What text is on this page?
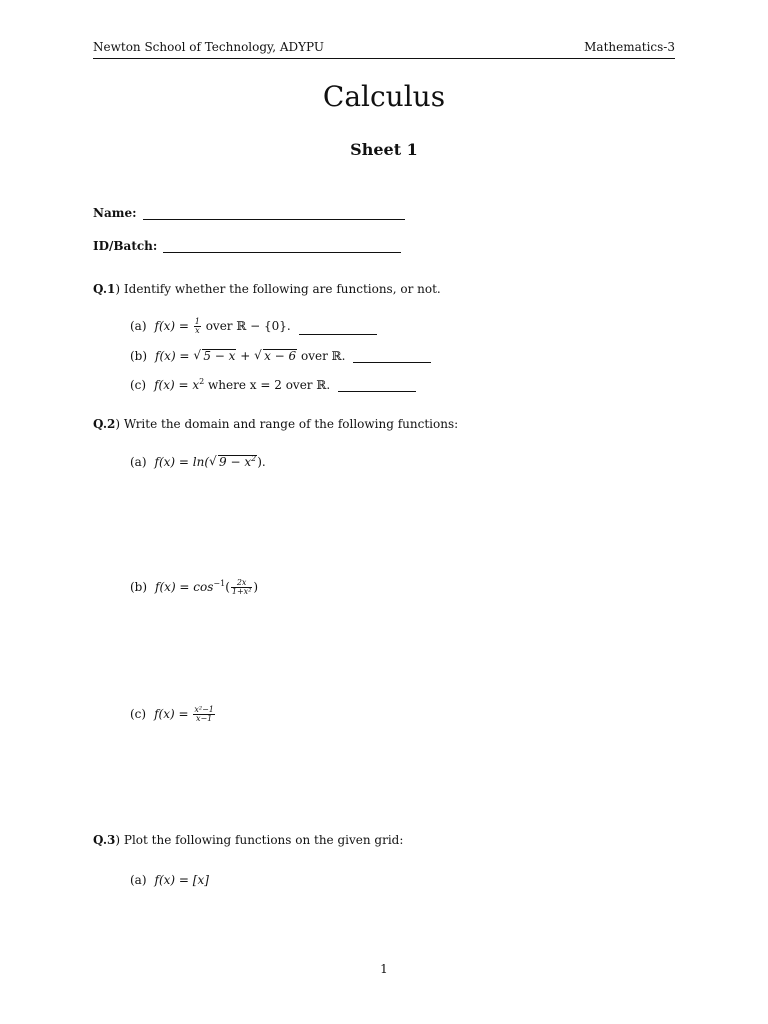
Newton School of Technology, ADYPU	Mathematics-3
Calculus
Sheet 1
Name:
ID/Batch:
Q.1) Identify whether the following are functions, or not.
(a) $f(x) = \frac{1}{x}$ over ℝ − {0}.
(b) f(x) = √ 5 − x + √ x − 6 over ℝ.
(c) $f(x) = x^2$ where x = 2 over ℝ.
Q.2) Write the domain and range of the following functions:
(a) f(x) = ln(√ $9 - x^2$).
(b) $f(x) = \cos^{-1}( \frac{2x}{\text{1+x²}}$ )
(c) $f(x) = \frac{\text{x²−1}}{x-1}$
Q.3) Plot the following functions on the given grid:
(a) f(x) = [x]
1
